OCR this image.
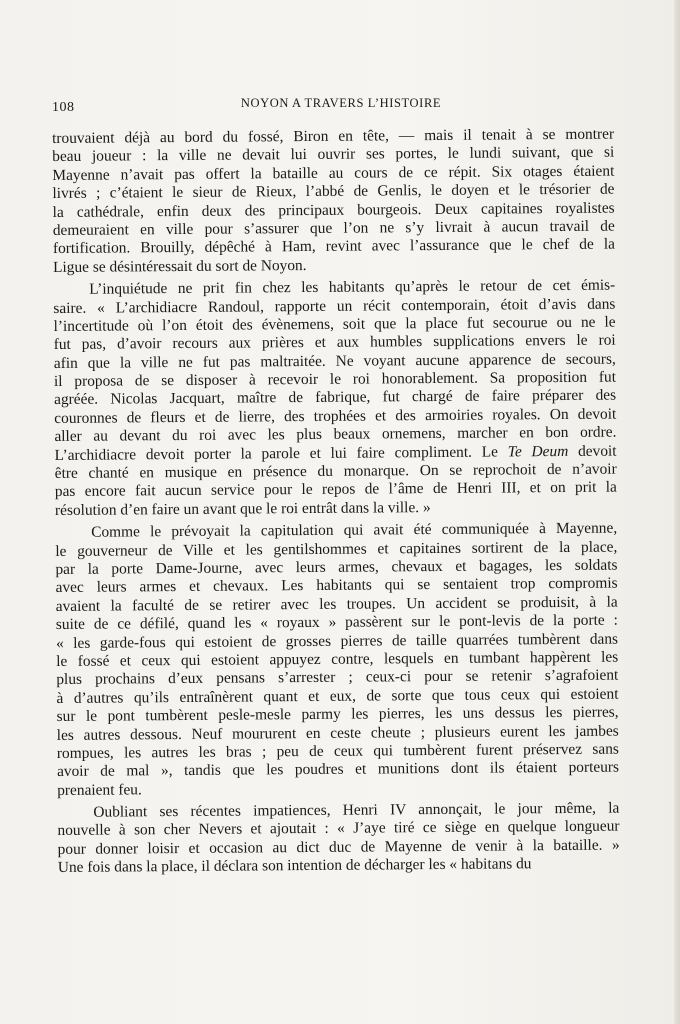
108	NOYON A TRAVERS L’HISTOIRE
trouvaient déjà au bord du fossé, Biron en tête, — mais il tenait à se montrer
beau joueur : la ville ne devait lui ouvrir ses portes, le lundi suivant, que si
Mayenne n’avait pas offert la bataille au cours de ce répit. Six otages étaient
livrés ; c’étaient le sieur de Rieux, l’abbé de Genlis, le doyen et le trésorier de
la cathédrale, enfin deux des principaux bourgeois. Deux capitaines royalistes
demeuraient en ville pour s’assurer que l’on ne s’y livrait à aucun travail de
fortification. Brouilly, dépêché à Ham, revint avec l’assurance que le chef de la
Ligue se désintéressait du sort de Noyon.
L’inquiétude ne prit fin chez les habitants qu’après le retour de cet émis-
saire. « L’archidiacre Randoul, rapporte un récit contemporain, étoit d’avis dans
l’incertitude où l’on étoit des évènemens, soit que la place fut secourue ou ne le
fut pas, d’avoir recours aux prières et aux humbles supplications envers le roi
afin que la ville ne fut pas maltraitée. Ne voyant aucune apparence de secours,
il proposa de se disposer à recevoir le roi honorablement. Sa proposition fut
agréée. Nicolas Jacquart, maître de fabrique, fut chargé de faire préparer des
couronnes de fleurs et de lierre, des trophées et des armoiries royales. On devoit
aller au devant du roi avec les plus beaux ornemens, marcher en bon ordre.
L’archidiacre devoit porter la parole et lui faire compliment. Le Te Deum devoit
être chanté en musique en présence du monarque. On se reprochoit de n’avoir
pas encore fait aucun service pour le repos de l’âme de Henri III, et on prit la
résolution d’en faire un avant que le roi entrât dans la ville. »
Comme le prévoyait la capitulation qui avait été communiquée à Mayenne,
le gouverneur de Ville et les gentilshommes et capitaines sortirent de la place,
par la porte Dame-Journe, avec leurs armes, chevaux et bagages, les soldats
avec leurs armes et chevaux. Les habitants qui se sentaient trop compromis
avaient la faculté de se retirer avec les troupes. Un accident se produisit, à la
suite de ce défilé, quand les « royaux » passèrent sur le pont-levis de la porte :
« les garde-fous qui estoient de grosses pierres de taille quarrées tumbèrent dans
le fossé et ceux qui estoient appuyez contre, lesquels en tumbant happèrent les
plus prochains d’eux pensans s’arrester ; ceux-ci pour se retenir s’agrafoient
à d’autres qu’ils entraînèrent quant et eux, de sorte que tous ceux qui estoient
sur le pont tumbèrent pesle-mesle parmy les pierres, les uns dessus les pierres,
les autres dessous. Neuf moururent en ceste cheute ; plusieurs eurent les jambes
rompues, les autres les bras ; peu de ceux qui tumbèrent furent préservez sans
avoir de mal », tandis que les poudres et munitions dont ils étaient porteurs
prenaient feu.
Oubliant ses récentes impatiences, Henri IV annonçait, le jour même, la
nouvelle à son cher Nevers et ajoutait : « J’aye tiré ce siège en quelque longueur
pour donner loisir et occasion au dict duc de Mayenne de venir à la bataille. »
Une fois dans la place, il déclara son intention de décharger les « habitans du
